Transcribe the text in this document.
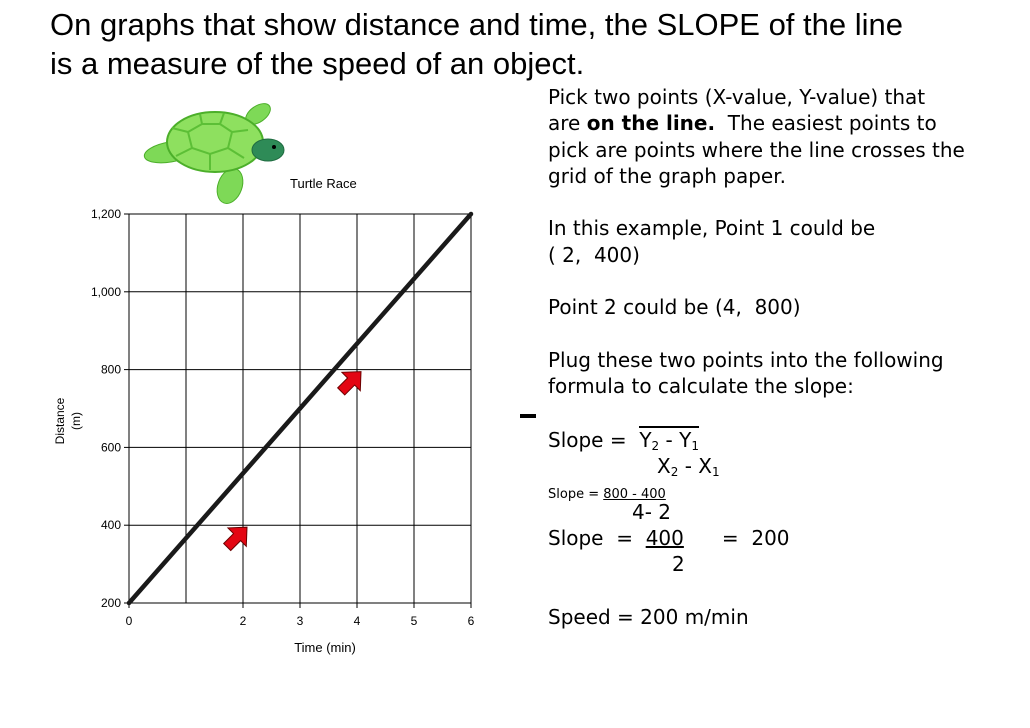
On graphs that show distance and time, the SLOPE of the line
is a measure of the speed of an object.
Turtle Race
200
400
600
800
1,000
1,200
0	2	3	4	5	6
Time (min)
Distance (m)

Pick two points (X-value, Y-value) that

are on the line.  The easiest points to

pick are points where the line crosses the

grid of the graph paper.

In this example, Point 1 could be

( 2,  400)

Point 2 could be (4,  800)

Plug these two points into the following

formula to calculate the slope:

Slope =  $Y_2 - Y_1$
$X_2 - X_1$
Slope = 800 - 400
4- 2
Slope  =  400 =  200
2
Speed = 200 m/min
